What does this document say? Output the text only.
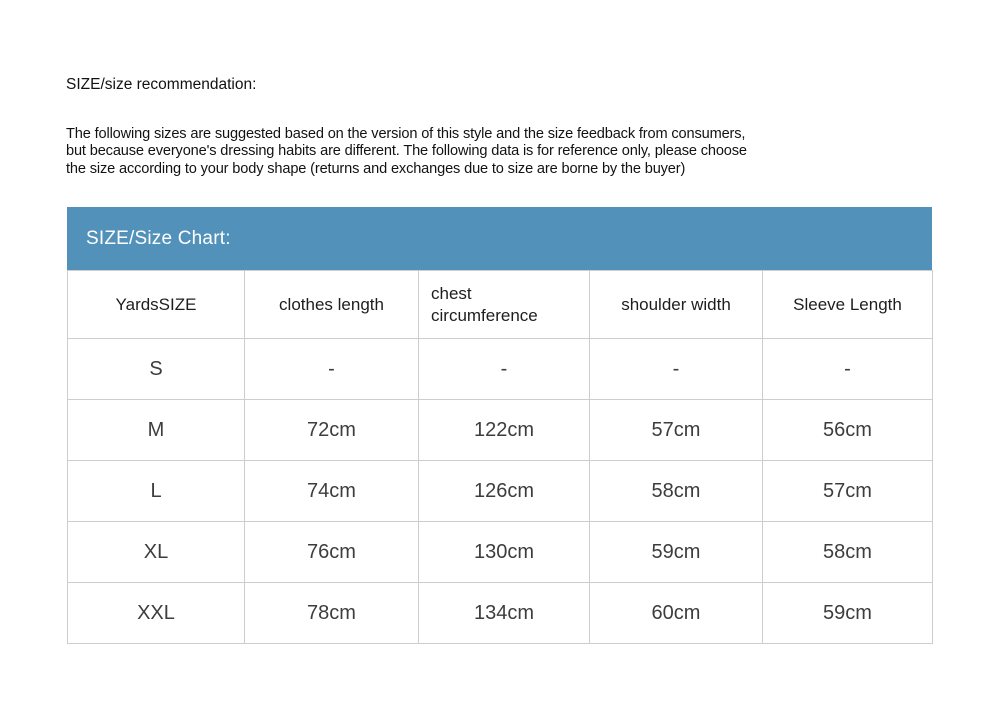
SIZE/size recommendation:
The following sizes are suggested based on the version of this style and the size feedback from consumers,
but because everyone's dressing habits are different. The following data is for reference only, please choose
the size according to your body shape (returns and exchanges due to size are borne by the buyer)
SIZE/Size Chart:
YardsSIZE	clothes length	chest circumference	shoulder width	Sleeve Length
S	-	-	-	-
M	72cm	122cm	57cm	56cm
L	74cm	126cm	58cm	57cm
XL	76cm	130cm	59cm	58cm
XXL	78cm	134cm	60cm	59cm
